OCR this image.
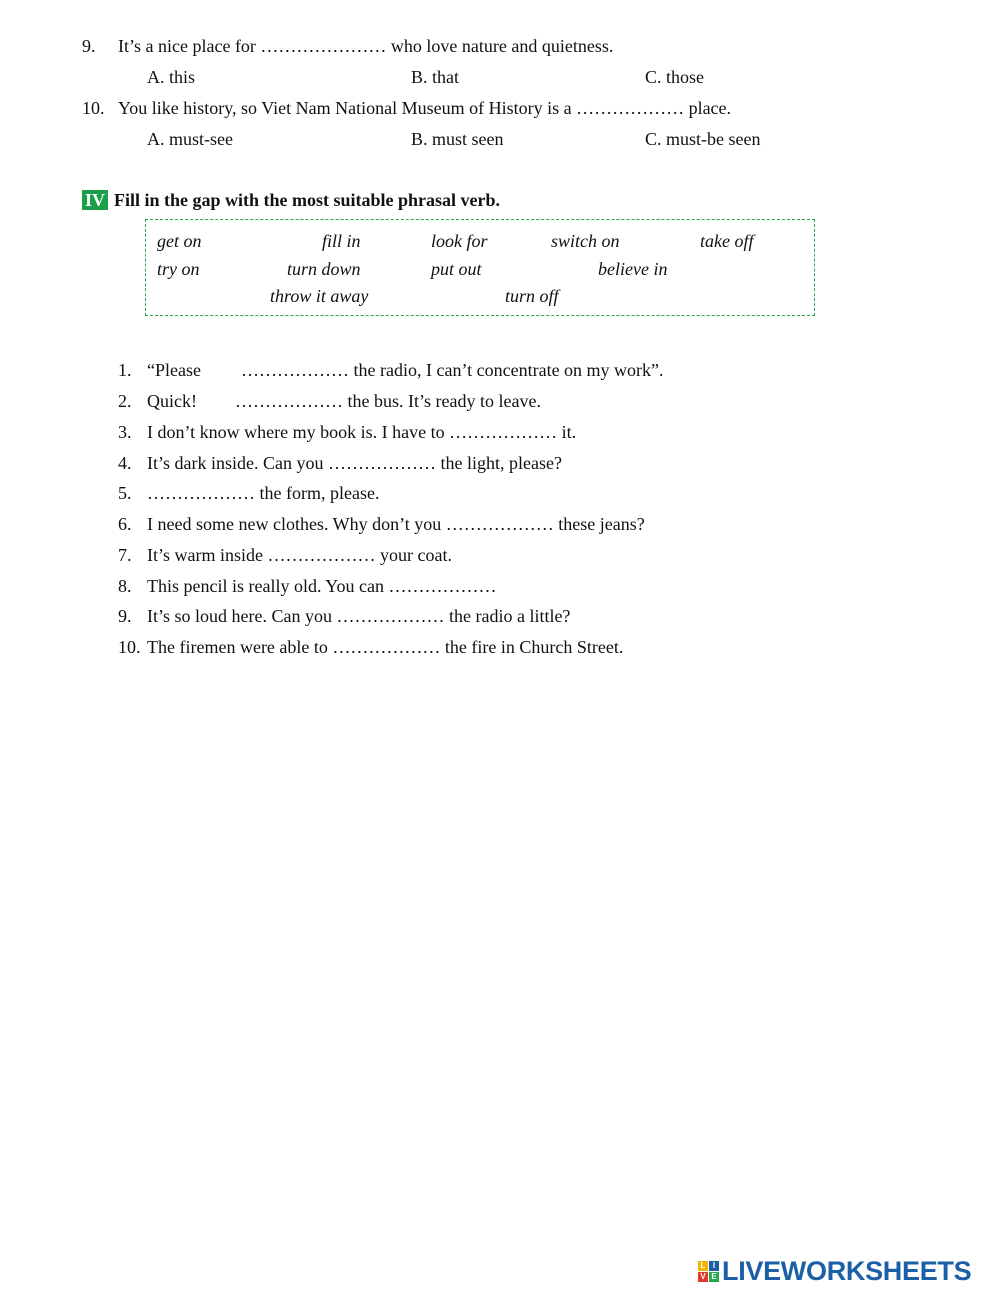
9. It’s a nice place for ………………… who love nature and quietness.
A. this	B. that	C. those
10. You like history, so Viet Nam National Museum of History is a ……………… place.
A. must-see	B. must seen	C. must-be seen
IV Fill in the gap with the most suitable phrasal verb.
get on	fill in	look for	switch on	take off
try on	turn down	put out	believe in
throw it away	turn off
1. “Please ……………… the radio, I can’t concentrate on my work”.
2. Quick! ……………… the bus. It’s ready to leave.
3. I don’t know where my book is. I have to ……………… it.
4. It’s dark inside. Can you ……………… the light, please?
5. ……………… the form, please.
6. I need some new clothes. Why don’t you ……………… these jeans?
7. It’s warm inside ……………… your coat.
8. This pencil is really old. You can ………………
9. It’s so loud here. Can you ……………… the radio a little?
10. The firemen were able to ……………… the fire in Church Street.
L I
V E LIVEWORKSHEETS
